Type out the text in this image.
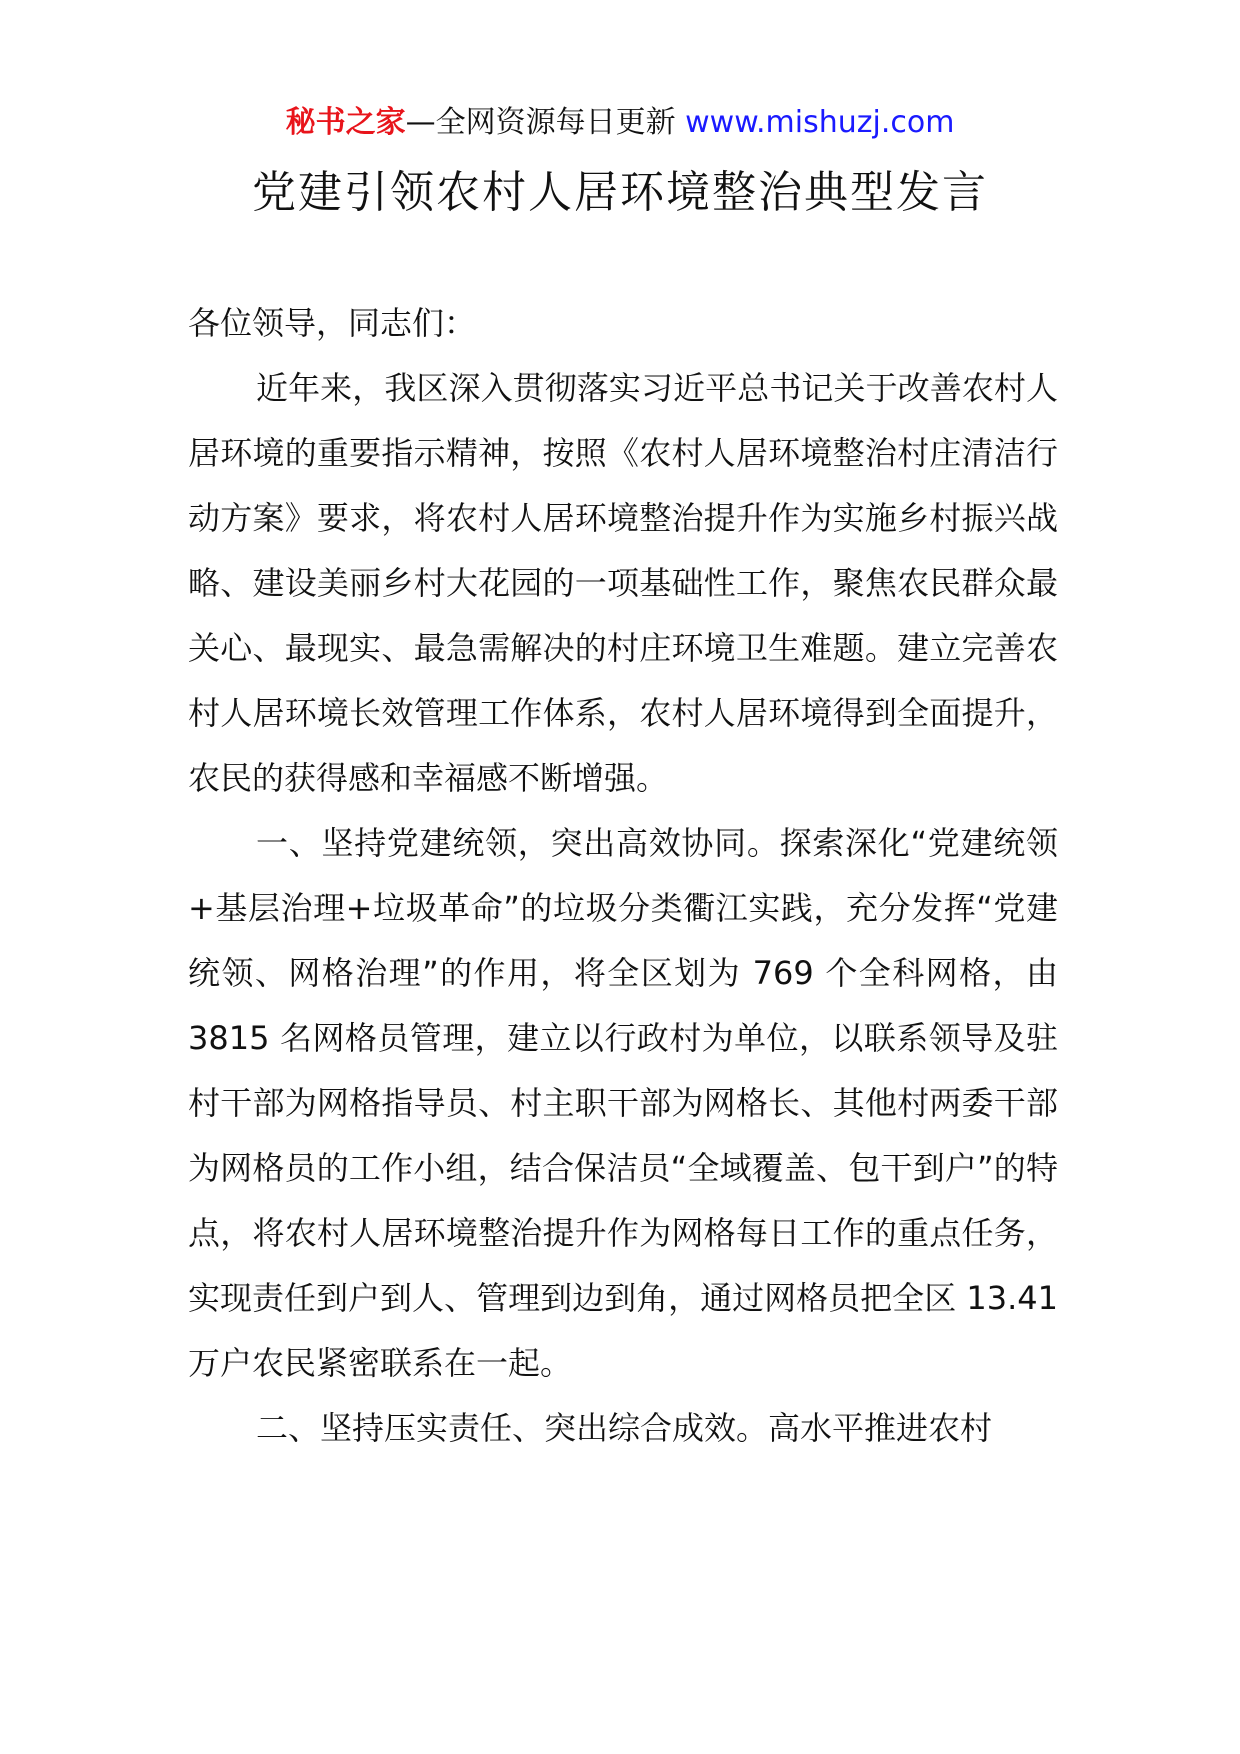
秘书之家—全网资源每日更新 www.mishuzj.com
党建引领农村人居环境整治典型发言

各位领导，同志们：

近年来，我区深入贯彻落实习近平总书记关于改善农村人居环境的重要指示精神，按照《农村人居环境整治村庄清洁行动方案》要求，将农村人居环境整治提升作为实施乡村振兴战略、建设美丽乡村大花园的一项基础性工作，聚焦农民群众最关心、最现实、最急需解决的村庄环境卫生难题。建立完善农村人居环境长效管理工作体系，农村人居环境得到全面提升，农民的获得感和幸福感不断增强。

一、坚持党建统领，突出高效协同。探索深化“党建统领+基层治理+垃圾革命”的垃圾分类衢江实践，充分发挥“党建统领、网格治理”的作用，将全区划为 769 个全科网格，由 3815 名网格员管理，建立以行政村为单位，以联系领导及驻村干部为网格指导员、村主职干部为网格长、其他村两委干部为网格员的工作小组，结合保洁员“全域覆盖、包干到户”的特点，将农村人居环境整治提升作为网格每日工作的重点任务，实现责任到户到人、管理到边到角，通过网格员把全区 13.41 万户农民紧密联系在一起。

二、坚持压实责任、突出综合成效。高水平推进农村
